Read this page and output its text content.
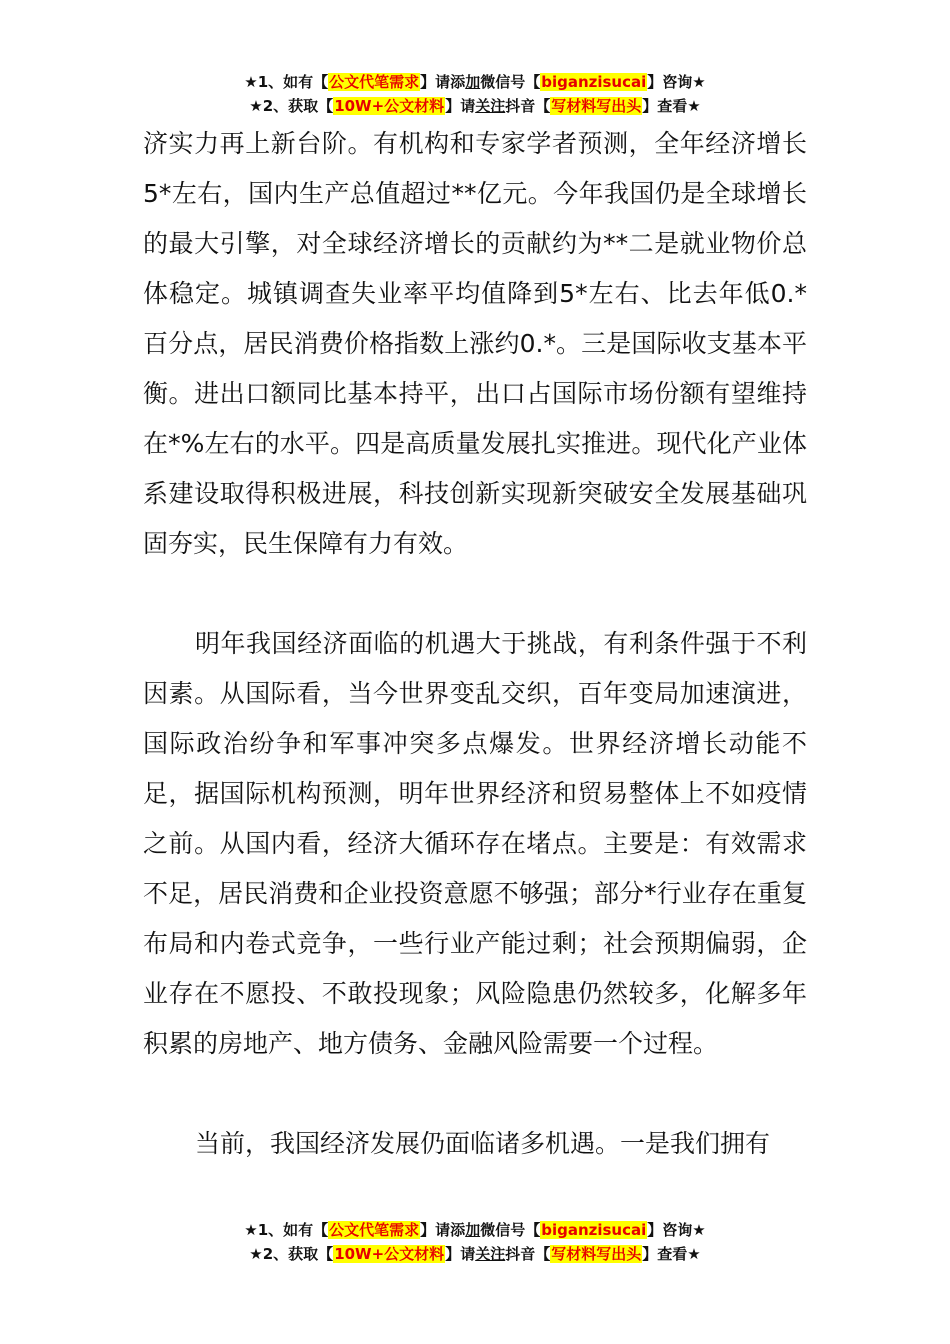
★1、如有【公文代笔需求】请添加微信号【biganzisucai】咨询★
★2、获取【10W+公文材料】请关注抖音【写材料写出头】查看★

济实力再上新台阶。有机构和专家学者预测，全年经济增长5*左右，国内生产总值超过**亿元。今年我国仍是全球增长的最大引擎，对全球经济增长的贡献约为**二是就业物价总体稳定。城镇调查失业率平均值降到5*左右、比去年低0.*百分点，居民消费价格指数上涨约0.*。三是国际收支基本平衡。进出口额同比基本持平，出口占国际市场份额有望维持在*%左右的水平。四是高质量发展扎实推进。现代化产业体系建设取得积极进展，科技创新实现新突破安全发展基础巩固夯实，民生保障有力有效。

明年我国经济面临的机遇大于挑战，有利条件强于不利因素。从国际看，当今世界变乱交织，百年变局加速演进，国际政治纷争和军事冲突多点爆发。世界经济增长动能不足，据国际机构预测，明年世界经济和贸易整体上不如疫情之前。从国内看，经济大循环存在堵点。主要是：有效需求不足，居民消费和企业投资意愿不够强；部分*行业存在重复布局和内卷式竞争，一些行业产能过剩；社会预期偏弱，企业存在不愿投、不敢投现象；风险隐患仍然较多，化解多年积累的房地产、地方债务、金融风险需要一个过程。

当前，我国经济发展仍面临诸多机遇。一是我们拥有

★1、如有【公文代笔需求】请添加微信号【biganzisucai】咨询★
★2、获取【10W+公文材料】请关注抖音【写材料写出头】查看★
